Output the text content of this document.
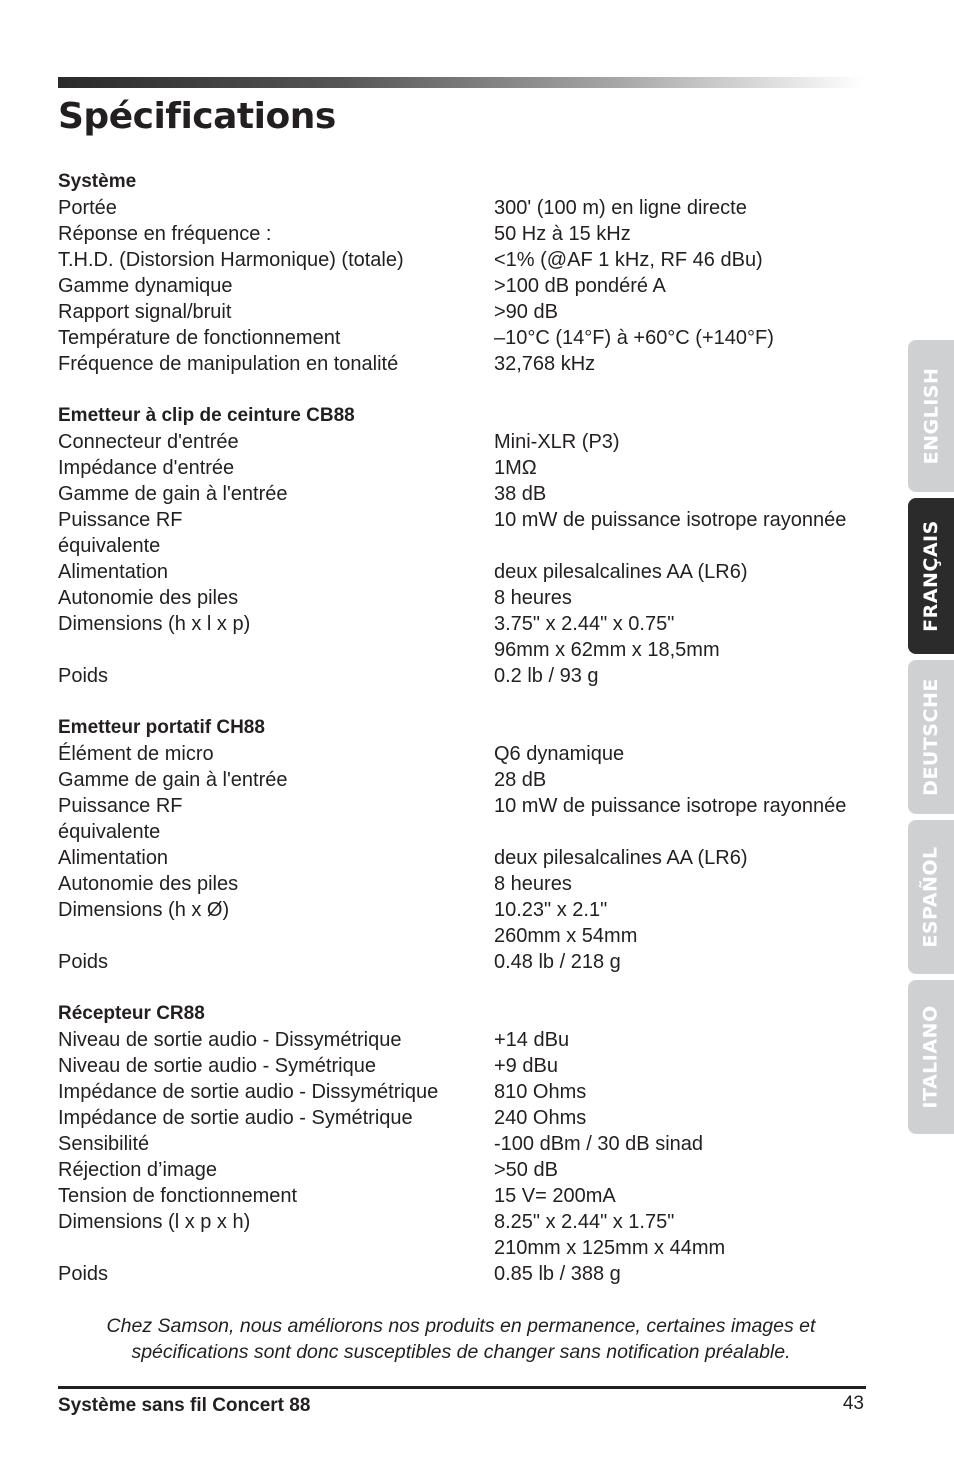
Spécifications
Système
Portée	300' (100 m) en ligne directe
Réponse en fréquence :	50 Hz à 15 kHz
T.H.D. (Distorsion Harmonique) (totale)	<1% (@AF 1 kHz, RF 46 dBu)
Gamme dynamique	>100 dB pondéré A
Rapport signal/bruit	>90 dB
Température de fonctionnement	–10°C (14°F) à +60°C (+140°F)
Fréquence de manipulation en tonalité	32,768 kHz
Emetteur à clip de ceinture CB88
Connecteur d'entrée	Mini-XLR (P3)
Impédance d'entrée	1MΩ
Gamme de gain à l'entrée	38 dB
Puissance RF	10 mW de puissance isotrope rayonnée
équivalente
Alimentation	deux pilesalcalines AA (LR6)
Autonomie des piles	8 heures
Dimensions (h x l x p)	3.75" x 2.44" x 0.75"
96mm x 62mm x 18,5mm
Poids	0.2 lb / 93 g
Emetteur portatif CH88
Élément de micro	Q6 dynamique
Gamme de gain à l'entrée	28 dB
Puissance RF	10 mW de puissance isotrope rayonnée
équivalente
Alimentation	deux pilesalcalines AA (LR6)
Autonomie des piles	8 heures
Dimensions (h x Ø)	10.23" x 2.1"
260mm x 54mm
Poids	0.48 lb / 218 g
Récepteur CR88
Niveau de sortie audio - Dissymétrique	+14 dBu
Niveau de sortie audio - Symétrique	+9 dBu
Impédance de sortie audio - Dissymétrique	810 Ohms
Impédance de sortie audio - Symétrique	240 Ohms
Sensibilité	-100 dBm / 30 dB sinad
Réjection d’image	>50 dB
Tension de fonctionnement	15 V= 200mA
Dimensions (l x p x h)	8.25" x 2.44" x 1.75"
210mm x 125mm x 44mm
Poids	0.85 lb / 388 g
Chez Samson, nous améliorons nos produits en permanence, certaines images et
spécifications sont donc susceptibles de changer sans notification préalable.
Système sans fil Concert 88	43
ENGLISH
FRANÇAIS
DEUTSCHE
ESPAÑOL
ITALIANO
